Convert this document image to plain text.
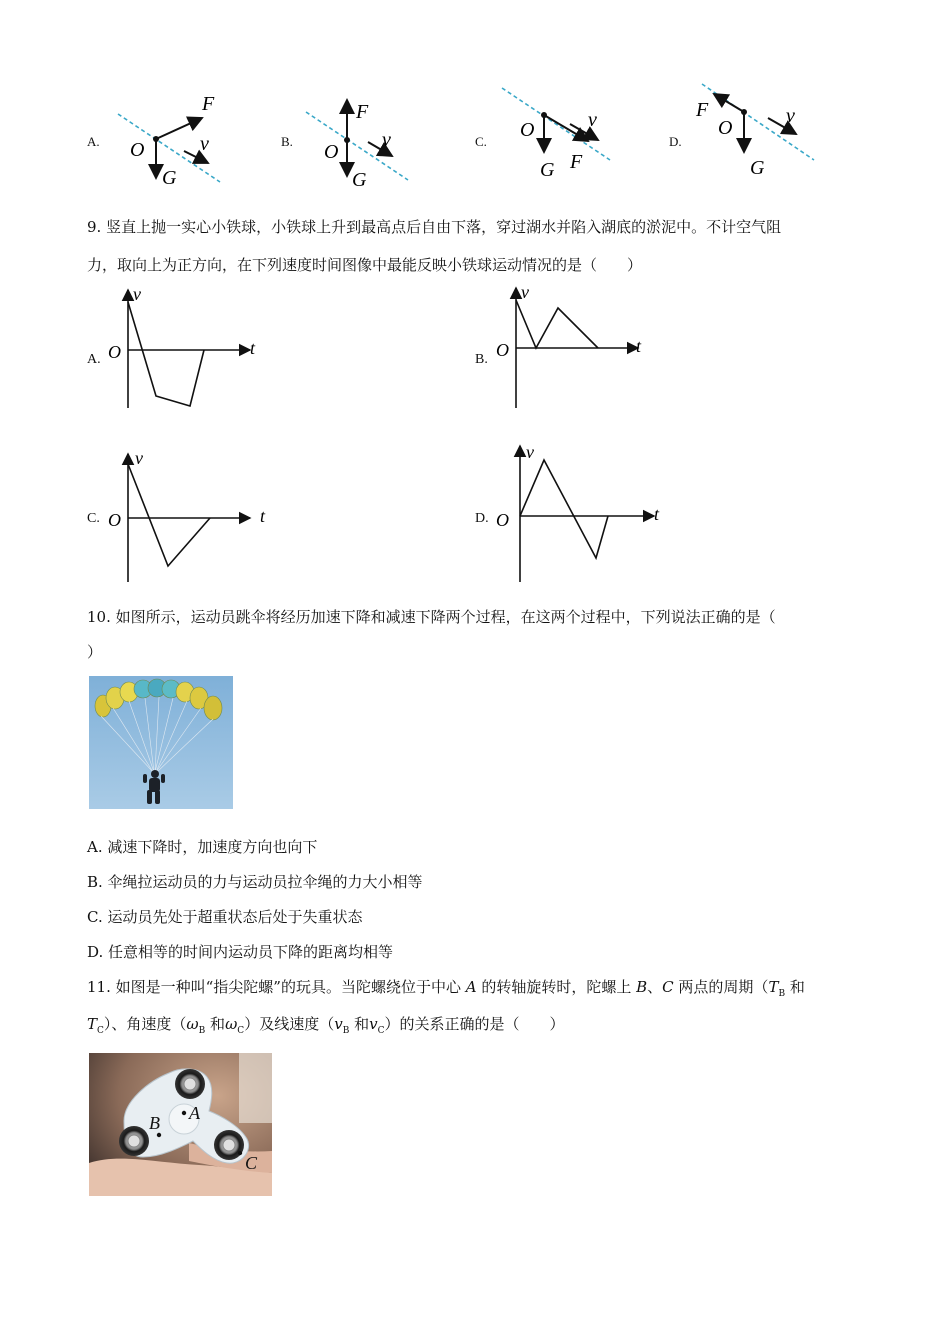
A.
F
O
G
v	B.
F
O
G
v	C.
O
G F
v
D.
F
O
G
v
9. 竖直上抛一实心小铁球，小铁球上升到最高点后自由下落，穿过湖水并陷入湖底的淤泥中。不计空气阻
力，取向上为正方向，在下列速度时间图像中最能反映小铁球运动情况的是（　　）
A.
v
O	t
B.
v
O	t
C.
v
O	t	D.
v
O	t
10. 如图所示，运动员跳伞将经历加速下降和减速下降两个过程，在这两个过程中，下列说法正确的是（
）
A. 减速下降时，加速度方向也向下
B. 伞绳拉运动员的力与运动员拉伞绳的力大小相等
C. 运动员先处于超重状态后处于失重状态
D. 任意相等的时间内运动员下降的距离均相等
11. 如图是一种叫“指尖陀螺”的玩具。当陀螺绕位于中心 A 的转轴旋转时，陀螺上 B、C 两点的周期（$T_B$ 和
$T_C$）、角速度（$\omega_B$ 和$\omega_C$）及线速度（$v_B$ 和$v_C$）的关系正确的是（　　）
A
B
C
